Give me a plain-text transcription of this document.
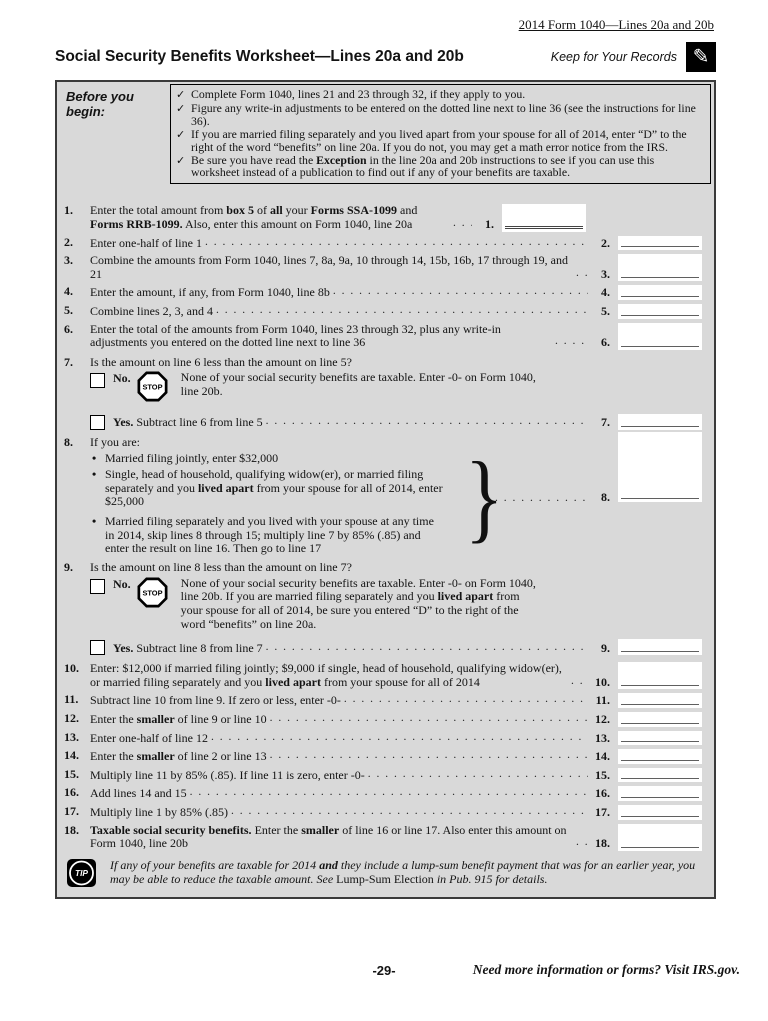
2014 Form 1040—Lines 20a and 20b
Social Security Benefits Worksheet—Lines 20a and 20b	Keep for Your Records ✎
Before you begin:
✓ Complete Form 1040, lines 21 and 23 through 32, if they apply to you.
✓ Figure any write-in adjustments to be entered on the dotted line next to line 36 (see the instructions for line 36).
✓ If you are married filing separately and you lived apart from your spouse for all of 2014, enter “D” to the right of the word “benefits” on line 20a. If you do not, you may get a math error notice from the IRS.
✓ Be sure you have read the Exception in the line 20a and 20b instructions to see if you can use this worksheet instead of a publication to find out if any of your benefits are taxable.
1.	Enter the total amount from box 5 of all your Forms SSA-1099 and Forms RRB-1099. Also, enter this amount on Form 1040, line 20a . . .	1.
2.	Enter one-half of line 1 . . .	2.
3.	Combine the amounts from Form 1040, lines 7, 8a, 9a, 10 through 14, 15b, 16b, 17 through 19, and 21 . . .	3.
4.	Enter the amount, if any, from Form 1040, line 8b . . .	4.
5.	Combine lines 2, 3, and 4 . . .	5.
6.	Enter the total of the amounts from Form 1040, lines 23 through 32, plus any write-in adjustments you entered on the dotted line next to line 36 . . .	6.
7.	Is the amount on line 6 less than the amount on line 5?
No.
STOP
None of your social security benefits are taxable. Enter -0- on Form 1040, line 20b.
Yes. Subtract line 6 from line 5 . . .	7.
8.	If you are:
• Married filing jointly, enter $32,000
• Single, head of household, qualifying widow(er), or married filing separately and you lived apart from your spouse for all of 2014, enter $25,000
• Married filing separately and you lived with your spouse at any time in 2014, skip lines 8 through 15; multiply line 7 by 85% (.85) and enter the result on line 16. Then go to line 17	} . . .	8.
9.	Is the amount on line 8 less than the amount on line 7?
No.
STOP
None of your social security benefits are taxable. Enter -0- on Form 1040, line 20b. If you are married filing separately and you lived apart from your spouse for all of 2014, be sure you entered “D” to the right of the word “benefits” on line 20a.
Yes. Subtract line 8 from line 7 . . .	9.
10. Enter: $12,000 if married filing jointly; $9,000 if single, head of household, qualifying widow(er), or married filing separately and you lived apart from your spouse for all of 2014 . . .	10.
11. Subtract line 10 from line 9. If zero or less, enter -0- . . .	11.
12. Enter the smaller of line 9 or line 10 . . .	12.
13. Enter one-half of line 12 . . .	13.
14. Enter the smaller of line 2 or line 13 . . .	14.
15. Multiply line 11 by 85% (.85). If line 11 is zero, enter -0- . . .	15.
16. Add lines 14 and 15 . . .	16.
17. Multiply line 1 by 85% (.85) . . .	17.
18. Taxable social security benefits. Enter the smaller of line 16 or line 17. Also enter this amount on Form 1040, line 20b . . .	18.
TIP
If any of your benefits are taxable for 2014 and they include a lump-sum benefit payment that was for an earlier year, you may be able to reduce the taxable amount. See Lump-Sum Election in Pub. 915 for details.
-29-	Need more information or forms? Visit IRS.gov.
